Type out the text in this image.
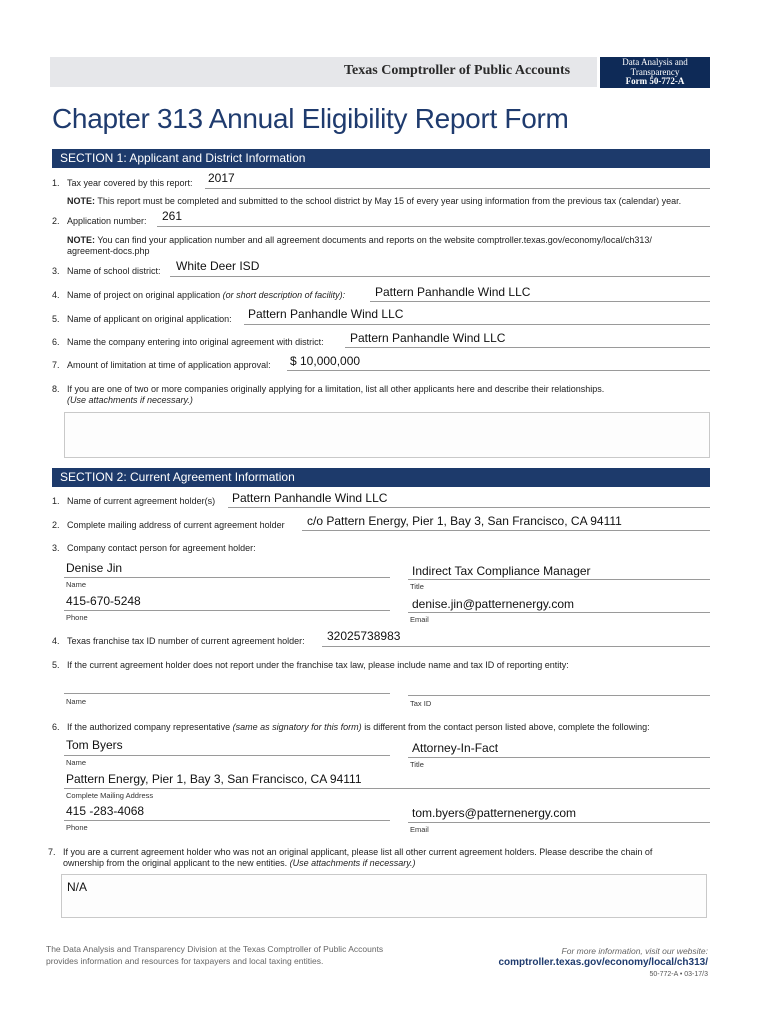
Texas Comptroller of Public Accounts
Data Analysis and
Transparency
Form 50-772-A
Chapter 313 Annual Eligibility Report Form
SECTION 1: Applicant and District Information
1. Tax year covered by this report: 2017
NOTE: This report must be completed and submitted to the school district by May 15 of every year using information from the previous tax (calendar) year.
2. Application number: 261
NOTE: You can find your application number and all agreement documents and reports on the website comptroller.texas.gov/economy/local/ch313/
agreement-docs.php
3. Name of school district: White Deer ISD
4. Name of project on original application (or short description of facility): Pattern Panhandle Wind LLC
5. Name of applicant on original application: Pattern Panhandle Wind LLC
6. Name the company entering into original agreement with district: Pattern Panhandle Wind LLC
7. Amount of limitation at time of application approval: $ 10,000,000
8. If you are one of two or more companies originally applying for a limitation, list all other applicants here and describe their relationships.
(Use attachments if necessary.)
SECTION 2: Current Agreement Information
1. Name of current agreement holder(s) Pattern Panhandle Wind LLC
2. Complete mailing address of current agreement holder c/o Pattern Energy, Pier 1, Bay 3, San Francisco, CA 94111
3. Company contact person for agreement holder:
Denise Jin
Name
Indirect Tax Compliance Manager
Title
415-670-5248
Phone
denise.jin@patternenergy.com
Email
4. Texas franchise tax ID number of current agreement holder: 32025738983
5. If the current agreement holder does not report under the franchise tax law, please include name and tax ID of reporting entity:
Name	Tax ID
6. If the authorized company representative (same as signatory for this form) is different from the contact person listed above, complete the following:
Tom Byers
Name
Attorney-In-Fact
Title
Pattern Energy, Pier 1, Bay 3, San Francisco, CA 94111
Complete Mailing Address
415 -283-4068
Phone
tom.byers@patternenergy.com
Email
7. If you are a current agreement holder who was not an original applicant, please list all other current agreement holders. Please describe the chain of
ownership from the original applicant to the new entities. (Use attachments if necessary.)
N/A
The Data Analysis and Transparency Division at the Texas Comptroller of Public Accounts
provides information and resources for taxpayers and local taxing entities.
For more information, visit our website:
comptroller.texas.gov/economy/local/ch313/
50-772-A • 03-17/3
